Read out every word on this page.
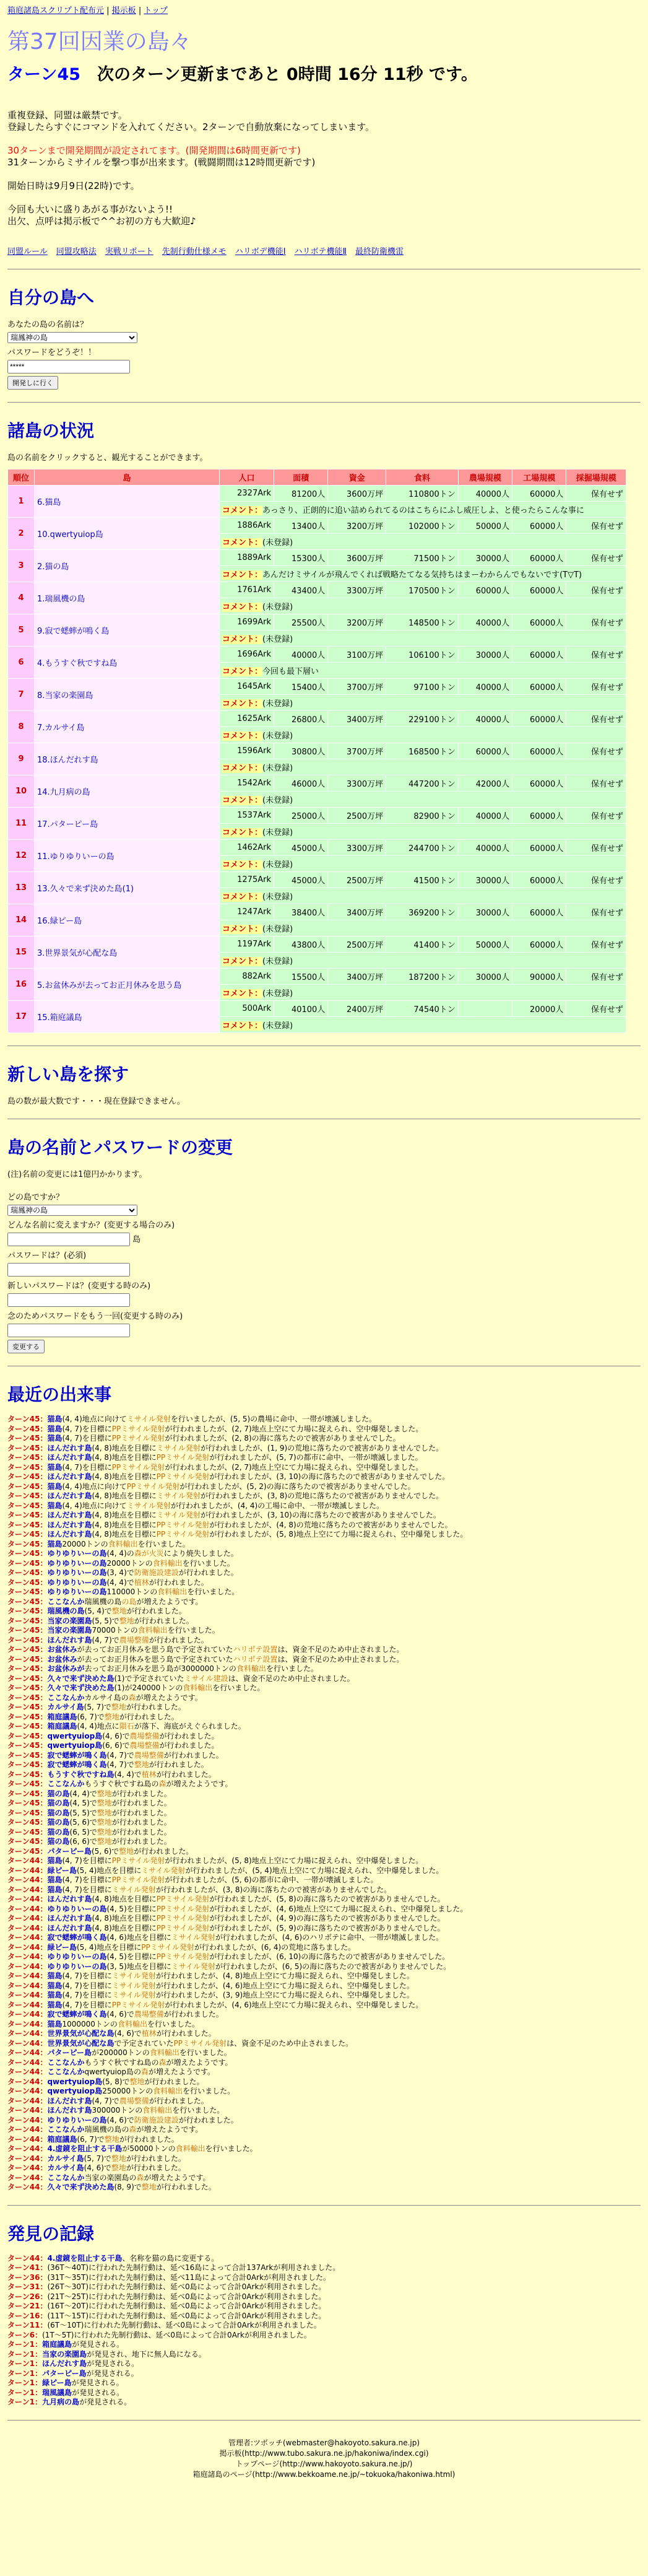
箱庭諸島スクリプト配布元 | 掲示板 | トップ
第37回因業の島々
ターン45　次のターン更新まであと 0時間 16分 11秒 です。

重複登録、同盟は厳禁です。

登録したらすぐにコマンドを入れてください。2ターンで自動放棄になってしまいます。

30ターンまで開発期間が設定されてます。(開発期間は6時間更新です)

31ターンからミサイルを撃つ事が出来ます。(戦闘期間は12時間更新です)

開始日時は9月9日(22時)です。

今回も大いに盛りあがる事がないよう!!

出欠、点呼は掲示板で^^お初の方も大歓迎♪

同盟ルール 同盟攻略法 実戦リポート 先制行動仕様メモ ハリボデ機能Ⅰ ハリボテ機能Ⅱ 最終防衛機雷
自分の島へ
あなたの島の名前は？
瑞鳳神の島
パスワードをどうぞ！！
*****
開発しに行く
諸島の状況
島の名前をクリックすると、観光することができます。
順位	島	人口	面積	資金	食料	農場規模	工場規模	採掘場規模
1	6.猫島	2327Ark	81200人	3600万坪	110800トン	40000人	60000人	保有せず
		コメント：あっさり、正朗的に追い詰められてるのはこちらにふし威圧しよ、と使ったらこんな事に						
2	10.qwertyuiop島	1886Ark	13400人	3200万坪	102000トン	50000人	60000人	保有せず
		コメント：(未登録)						
3	2.猫の島	1889Ark	15300人	3600万坪	71500トン	30000人	60000人	保有せず
		コメント：あんだけミサイルが飛んでくれば戦略たてなる気持ちはまーわからんでもないです(T▽T)						
4	1.瑞風機の島	1761Ark	43400人	3300万坪	170500トン	60000人	60000人	保有せず
		コメント：(未登録)						
5	9.寂で蟋蟀が鳴く島	1699Ark	25500人	3200万坪	148500トン	40000人	60000人	保有せず
		コメント：(未登録)						
6	4.もうすぐ秋ですね島	1696Ark	40000人	3100万坪	106100トン	30000人	60000人	保有せず
		コメント：今回も最下層い						
7	8.当家の楽園島	1645Ark	15400人	3700万坪	97100トン	40000人	60000人	保有せず
		コメント：(未登録)						
8	7.カルサイ島	1625Ark	26800人	3400万坪	229100トン	40000人	60000人	保有せず
		コメント：(未登録)						
9	18.ほんだれす島	1596Ark	30800人	3700万坪	168500トン	60000人	60000人	保有せず
		コメント：(未登録)						
10	14.九月病の島	1542Ark	46000人	3300万坪	447200トン	42000人	60000人	保有せず
		コメント：(未登録)						
11	17.パターピー島	1537Ark	25000人	2500万坪	82900トン	40000人	60000人	保有せず
		コメント：(未登録)						
12	11.ゆりゆりいーの島	1462Ark	45000人	3300万坪	244700トン	40000人	60000人	保有せず
		コメント：(未登録)						
13	13.久々で来ず決めた島(1)	1275Ark	45000人	2500万坪	41500トン	30000人	60000人	保有せず
		コメント：(未登録)						
14	16.緑ピー島	1247Ark	38400人	3400万坪	369200トン	30000人	60000人	保有せず
		コメント：(未登録)						
15	3.世界景気が心配な島	1197Ark	43800人	2500万坪	41400トン	50000人	60000人	保有せず
		コメント：(未登録)						
16	5.お盆休みが去ってお正月休みを思う島	882Ark	15500人	3400万坪	187200トン	30000人	90000人	保有せず
		コメント：(未登録)						
17	15.箱庭議島	500Ark	40100人	2400万坪	74540トン		20000人	保有せず
		コメント：(未登録)						
新しい島を探す
島の数が最大数です・・・現在登録できません。
島の名前とパスワードの変更
(注)名前の変更には1億円かかります。
どの島ですか？
瑞鳳神の島
どんな名前に変えますか？(変更する場合のみ)
島
パスワードは？(必須)
新しいパスワードは？(変更する時のみ)
念のためパスワードをもう一回(変更する時のみ)
変更する
最近の出来事

ターン45：猫島(4, 4)地点に向けてミサイル発射を行いましたが、(5, 5)の農場に命中、一帯が壊滅しました。

ターン45：猫島(4, 7)を目標にPPミサイル発射が行われましたが、(2, 7)地点上空にて力場に捉えられ、空中爆発しました。

ターン45：猫島(4, 7)を目標にPPミサイル発射が行われましたが、(2, 8)の海に落ちたので被害がありませんでした。

ターン45：ほんだれす島(4, 8)地点を目標にミサイル発射が行われましたが、(1, 9)の荒地に落ちたので被害がありませんでした。

ターン45：ほんだれす島(4, 8)地点を目標にPPミサイル発射が行われましたが、(5, 7)の都市に命中、一帯が壊滅しました。

ターン45：猫島(4, 7)を目標にPPミサイル発射が行われましたが、(2, 7)地点上空にて力場に捉えられ、空中爆発しました。

ターン45：ほんだれす島(4, 8)地点を目標にPPミサイル発射が行われましたが、(3, 10)の海に落ちたので被害がありませんでした。

ターン45：猫島(4, 4)地点に向けてPPミサイル発射が行われましたが、(5, 2)の海に落ちたので被害がありませんでした。

ターン45：ほんだれす島(4, 8)地点を目標にミサイル発射が行われましたが、(3, 8)の荒地に落ちたので被害がありませんでした。

ターン45：猫島(4, 4)地点に向けてミサイル発射が行われましたが、(4, 4)の工場に命中、一帯が壊滅しました。

ターン45：ほんだれす島(4, 8)地点を目標にミサイル発射が行われましたが、(3, 10)の海に落ちたので被害がありませんでした。

ターン45：ほんだれす島(4, 8)地点を目標にPPミサイル発射が行われましたが、(4, 8)の荒地に落ちたので被害がありませんでした。

ターン45：ほんだれす島(4, 8)地点を目標にPPミサイル発射が行われましたが、(5, 8)地点上空にて力場に捉えられ、空中爆発しました。

ターン45：猫島20000トンの食料輸出を行いました。

ターン45：ゆりゆりいーの島(4, 4)の森が火災により焼失しました。

ターン45：ゆりゆりいーの島20000トンの食料輸出を行いました。

ターン45：ゆりゆりいーの島(3, 4)で防衛施設建設が行われました。

ターン45：ゆりゆりいーの島(4, 4)で植林が行われました。

ターン45：ゆりゆりいーの島110000トンの食料輸出を行いました。

ターン45：ここなんか瑞風機の島の島が増えたようです。

ターン45：瑞風機の島(5, 4)で整地が行われました。

ターン45：当家の楽園島(5, 5)で整地が行われました。

ターン45：当家の楽園島70000トンの食料輸出を行いました。

ターン45：ほんだれす島(4, 7)で農場整備が行われました。

ターン45：お盆休みが去ってお正月休みを思う島で予定されていたハリボテ設置は、資金不足のため中止されました。

ターン45：お盆休みが去ってお正月休みを思う島で予定されていたハリボテ設置は、資金不足のため中止されました。

ターン45：お盆休みが去ってお正月休みを思う島が3000000トンの食料輸出を行いました。

ターン45：久々で来ず決めた島(1)で予定されていたミサイル建設は、資金不足のため中止されました。

ターン45：久々で来ず決めた島(1)が240000トンの食料輸出を行いました。

ターン45：ここなんかカルサイ島の森が増えたようです。

ターン45：カルサイ島(5, 7)で整地が行われました。

ターン45：箱庭議島(6, 7)で整地が行われました。

ターン45：箱庭議島(4, 4)地点に隕石が落下、海底がえぐられました。

ターン45：qwertyuiop島(4, 6)で農場整備が行われました。

ターン45：qwertyuiop島(6, 6)で農場整備が行われました。

ターン45：寂で蟋蟀が鳴く島(4, 7)で農場整備が行われました。

ターン45：寂で蟋蟀が鳴く島(4, 7)で整地が行われました。

ターン45：もうすぐ秋ですね島(4, 4)で植林が行われました。

ターン45：ここなんかもうすぐ秋ですね島の森が増えたようです。

ターン45：猫の島(4, 4)で整地が行われました。

ターン45：猫の島(4, 5)で整地が行われました。

ターン45：猫の島(5, 5)で整地が行われました。

ターン45：猫の島(5, 6)で整地が行われました。

ターン45：猫の島(6, 5)で整地が行われました。

ターン45：猫の島(6, 6)で整地が行われました。

ターン45：パターピー島(5, 6)で整地が行われました。

ターン44：猫島(4, 7)を目標にPPミサイル発射が行われましたが、(5, 8)地点上空にて力場に捉えられ、空中爆発しました。

ターン44：緑ピー島(5, 4)地点を目標にミサイル発射が行われましたが、(5, 4)地点上空にて力場に捉えられ、空中爆発しました。

ターン44：猫島(4, 7)を目標にPPミサイル発射が行われましたが、(5, 6)の都市に命中、一帯が壊滅しました。

ターン44：猫島(4, 7)を目標にミサイル発射が行われましたが、(3, 8)の海に落ちたので被害がありませんでした。

ターン44：ほんだれす島(4, 8)地点を目標にPPミサイル発射が行われましたが、(5, 8)の海に落ちたので被害がありませんでした。

ターン44：ゆりゆりいーの島(4, 5)を目標にPPミサイル発射が行われましたが、(4, 6)地点上空にて力場に捉えられ、空中爆発しました。

ターン44：ほんだれす島(4, 8)地点を目標にPPミサイル発射が行われましたが、(4, 9)の海に落ちたので被害がありませんでした。

ターン44：ほんだれす島(4, 8)地点を目標にPPミサイル発射が行われましたが、(5, 9)の海に落ちたので被害がありませんでした。

ターン44：寂で蟋蟀が鳴く島(4, 6)地点を目標にミサイル発射が行われましたが、(4, 6)のハリボテに命中、一帯が壊滅しました。

ターン44：緑ピー島(5, 4)地点を目標にPPミサイル発射が行われましたが、(6, 4)の荒地に落ちました。

ターン44：ゆりゆりいーの島(4, 5)を目標にPPミサイル発射が行われましたが、(6, 10)の海に落ちたので被害がありませんでした。

ターン44：ゆりゆりいーの島(3, 5)地点を目標にミサイル発射が行われましたが、(6, 5)の海に落ちたので被害がありませんでした。

ターン44：猫島(4, 7)を目標にミサイル発射が行われましたが、(4, 8)地点上空にて力場に捉えられ、空中爆発しました。

ターン44：猫島(4, 7)を目標にミサイル発射が行われましたが、(4, 6)地点上空にて力場に捉えられ、空中爆発しました。

ターン44：猫島(4, 7)を目標にミサイル発射が行われましたが、(3, 9)地点上空にて力場に捉えられ、空中爆発しました。

ターン44：猫島(4, 7)を目標にPPミサイル発射が行われましたが、(4, 6)地点上空にて力場に捉えられ、空中爆発しました。

ターン44：寂で蟋蟀が鳴く島(4, 6)で農場整備が行われました。

ターン44：猫島1000000トンの食料輸出を行いました。

ターン44：世界景気が心配な島(4, 6)で植林が行われました。

ターン44：世界景気が心配な島で予定されていたPPミサイル発射は、資金不足のため中止されました。

ターン44：パターピー島が200000トンの食料輸出を行いました。

ターン44：ここなんかもうすぐ秋ですね島の森が増えたようです。

ターン44：ここなんかqwertyuiop島の森が増えたようです。

ターン44：qwertyuiop島(5, 8)で整地が行われました。

ターン44：qwertyuiop島250000トンの食料輸出を行いました。

ターン44：ほんだれす島(4, 7)で農場整備が行われました。

ターン44：ほんだれす島300000トンの食料輸出を行いました。

ターン44：ゆりゆりいーの島(4, 6)で防衛施設建設が行われました。

ターン44：ここなんか瑞風機の島の森が増えたようです。

ターン44：箱庭議島(6, 7)で整地が行われました。

ターン44：4.虚鏡を阻止する干島が50000トンの食料輸出を行いました。

ターン44：カルサイ島(5, 7)で整地が行われました。

ターン44：カルサイ島(4, 6)で整地が行われました。

ターン44：ここなんか当家の楽園島の森が増えたようです。

ターン44：久々で来ず決めた島(8, 9)で整地が行われました。

発見の記録

ターン44：4.虚鏡を阻止する干島、名称を猫の島に変更する。

ターン41：(36T〜40T)に行われた先制行動は、延べ16島によって合計137Arkが利用されました。

ターン36：(31T〜35T)に行われた先制行動は、延べ11島によって合計0Arkが利用されました。

ターン31：(26T〜30T)に行われた先制行動は、延べ0島によって合計0Arkが利用されました。

ターン26：(21T〜25T)に行われた先制行動は、延べ0島によって合計0Arkが利用されました。

ターン21：(16T〜20T)に行われた先制行動は、延べ0島によって合計0Arkが利用されました。

ターン16：(11T〜15T)に行われた先制行動は、延べ0島によって合計0Arkが利用されました。

ターン11：(6T〜10T)に行われた先制行動は、延べ0島によって合計0Arkが利用されました。

ターン6：(1T〜5T)に行われた先制行動は、延べ0島によって合計0Arkが利用されました。

ターン1：箱庭議島が発見される。

ターン1：当家の楽園島が発見され、地下に無人島になる。

ターン1：ほんだれす島が発見される。

ターン1：パターピー島が発見される。

ターン1：緑ピー島が発見される。

ターン1：瑞風議島が発見される。

ターン1：九月病の島が発見される。

管理者:ツボッチ(webmaster@hakoyoto.sakura.ne.jp)
掲示板(http://www.tubo.sakura.ne.jp/hakoniwa/index.cgi)
トップページ(http://www.hakoyoto.sakura.ne.jp/)
箱庭諸島のページ(http://www.bekkoame.ne.jp/~tokuoka/hakoniwa.html)
